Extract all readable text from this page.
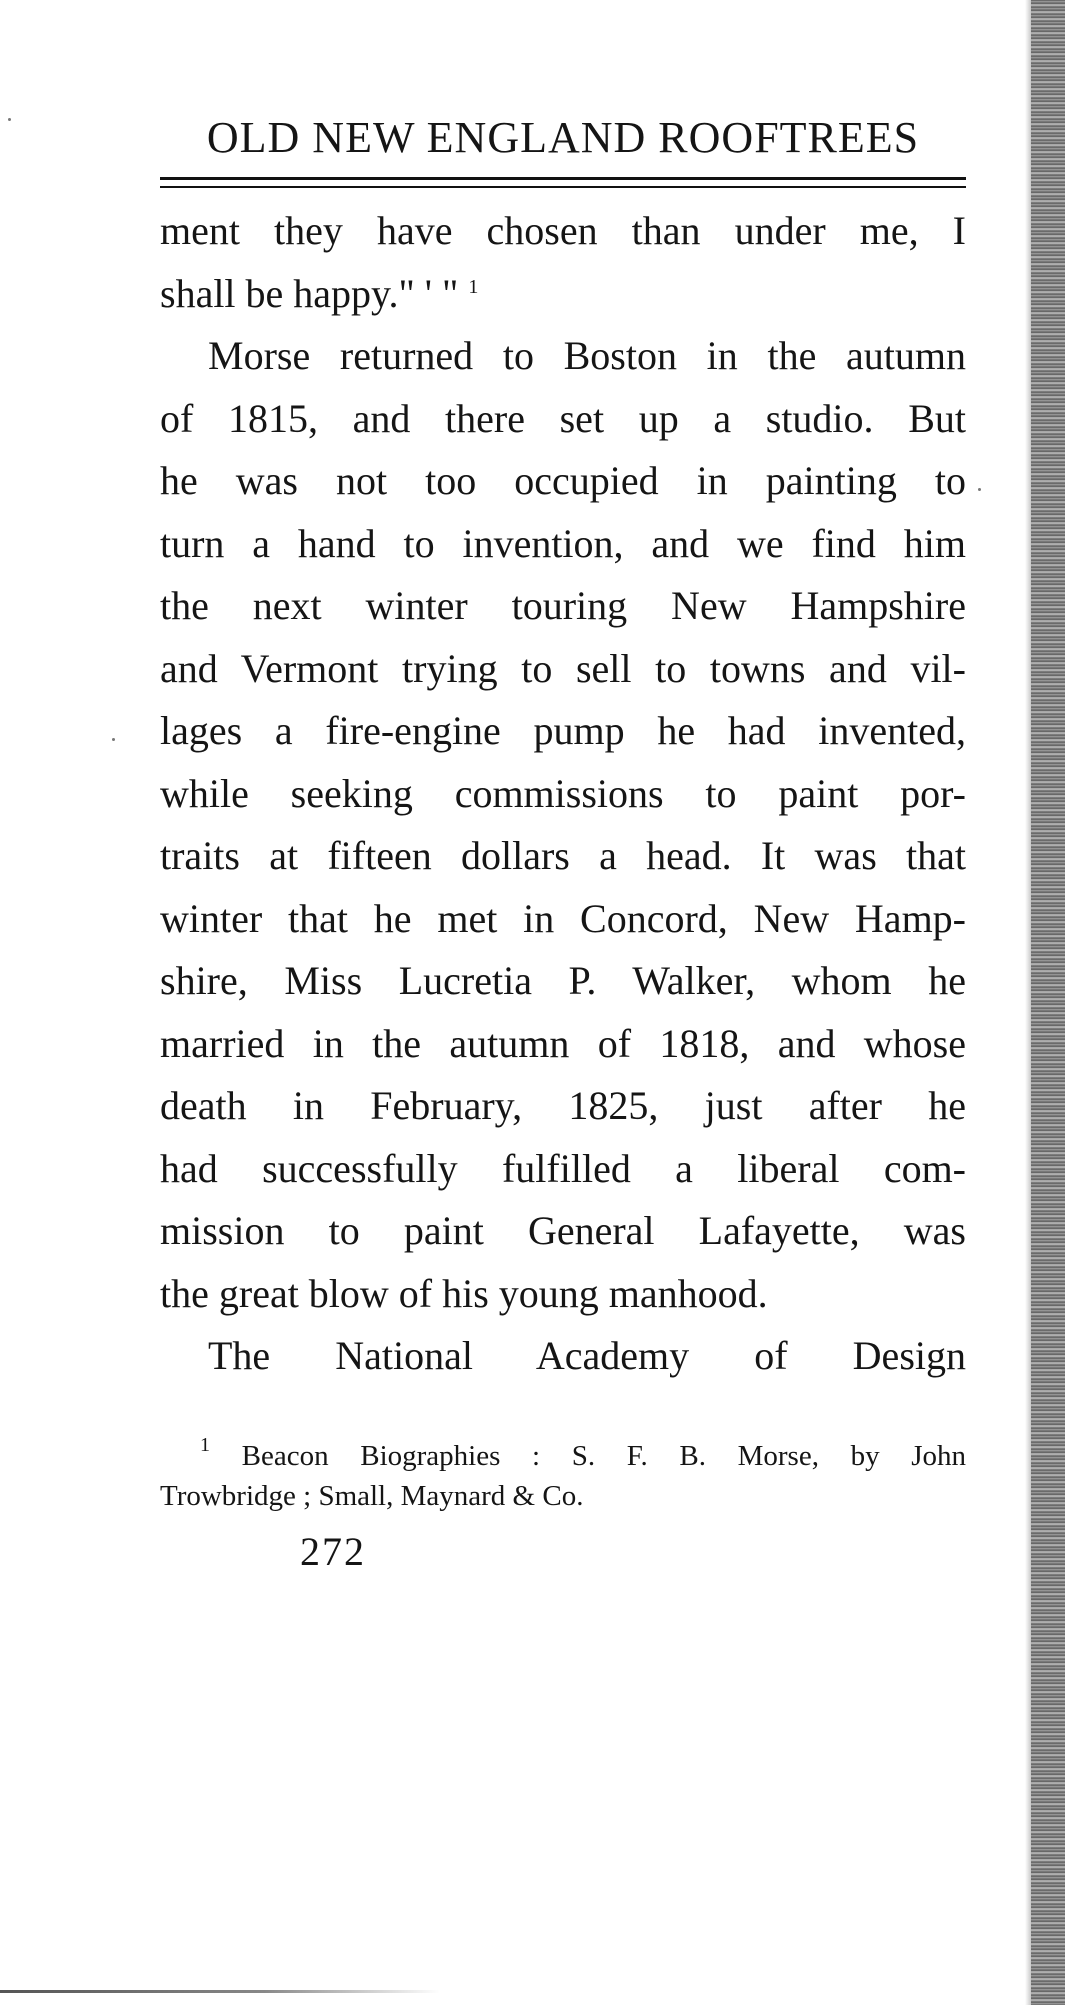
OLD NEW ENGLAND ROOFTREES
ment they have chosen than under me, I
shall be happy." ' " $^1$
Morse returned to Boston in the autumn
of 1815, and there set up a studio. But
he was not too occupied in painting to
turn a hand to invention, and we find him
the next winter touring New Hampshire
and Vermont trying to sell to towns and vil-
lages a fire-engine pump he had invented,
while seeking commissions to paint por-
traits at fifteen dollars a head. It was that
winter that he met in Concord, New Hamp-
shire, Miss Lucretia P. Walker, whom he
married in the autumn of 1818, and whose
death in February, 1825, just after he
had successfully fulfilled a liberal com-
mission to paint General Lafayette, was
the great blow of his young manhood.
The National Academy of Design
$^1$ Beacon Biographies : S. F. B. Morse, by John
Trowbridge ; Small, Maynard & Co.
272
